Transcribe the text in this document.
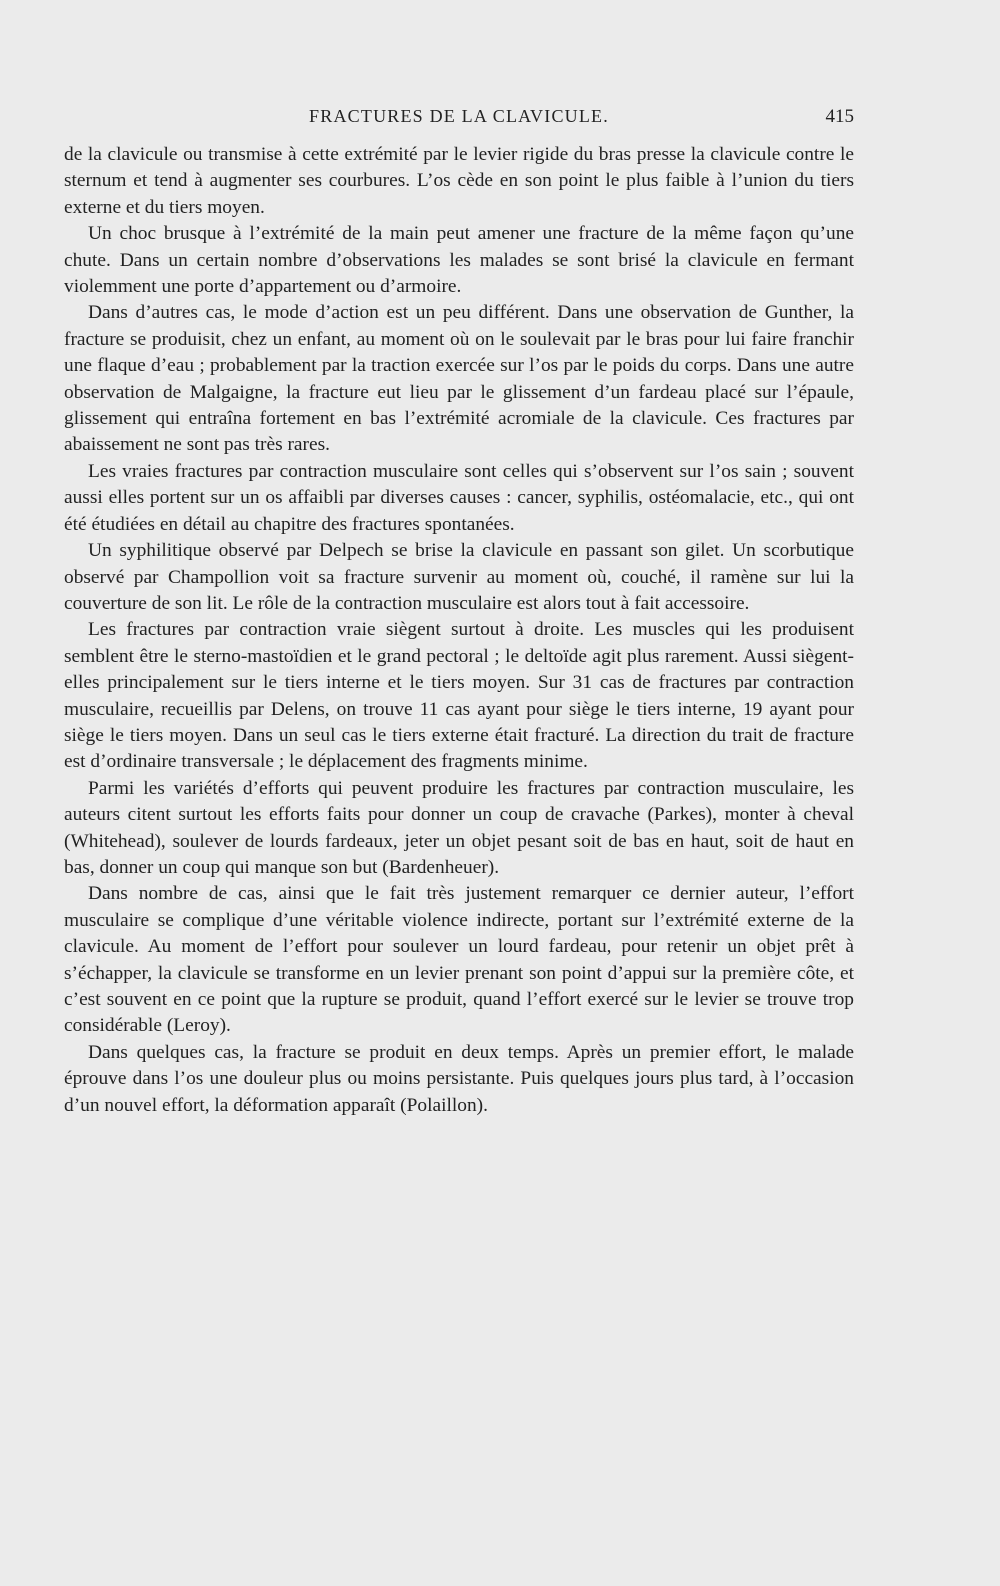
FRACTURES DE LA CLAVICULE.	415

de la clavicule ou transmise à cette extrémité par le levier rigide du bras presse la clavicule contre le sternum et tend à augmenter ses courbures. L’os cède en son point le plus faible à l’union du tiers externe et du tiers moyen.

Un choc brusque à l’extrémité de la main peut amener une fracture de la même façon qu’une chute. Dans un certain nombre d’observations les malades se sont brisé la clavicule en fermant violemment une porte d’appartement ou d’armoire.

Dans d’autres cas, le mode d’action est un peu différent. Dans une observation de Gunther, la fracture se produisit, chez un enfant, au moment où on le soulevait par le bras pour lui faire franchir une flaque d’eau ; probablement par la traction exercée sur l’os par le poids du corps. Dans une autre observation de Malgaigne, la fracture eut lieu par le glissement d’un fardeau placé sur l’épaule, glissement qui entraîna fortement en bas l’extrémité acromiale de la clavicule. Ces fractures par abaissement ne sont pas très rares.

Les vraies fractures par contraction musculaire sont celles qui s’observent sur l’os sain ; souvent aussi elles portent sur un os affaibli par diverses causes : cancer, syphilis, ostéomalacie, etc., qui ont été étudiées en détail au chapitre des fractures spontanées.

Un syphilitique observé par Delpech se brise la clavicule en passant son gilet. Un scorbutique observé par Champollion voit sa fracture survenir au moment où, couché, il ramène sur lui la couverture de son lit. Le rôle de la contraction musculaire est alors tout à fait accessoire.

Les fractures par contraction vraie siègent surtout à droite. Les muscles qui les produisent semblent être le sterno-mastoïdien et le grand pectoral ; le deltoïde agit plus rarement. Aussi siègent-elles principalement sur le tiers interne et le tiers moyen. Sur 31 cas de fractures par contraction musculaire, recueillis par Delens, on trouve 11 cas ayant pour siège le tiers interne, 19 ayant pour siège le tiers moyen. Dans un seul cas le tiers externe était fracturé. La direction du trait de fracture est d’ordinaire transversale ; le déplacement des fragments minime.

Parmi les variétés d’efforts qui peuvent produire les fractures par contraction musculaire, les auteurs citent surtout les efforts faits pour donner un coup de cravache (Parkes), monter à cheval (Whitehead), soulever de lourds fardeaux, jeter un objet pesant soit de bas en haut, soit de haut en bas, donner un coup qui manque son but (Bardenheuer).

Dans nombre de cas, ainsi que le fait très justement remarquer ce dernier auteur, l’effort musculaire se complique d’une véritable violence indirecte, portant sur l’extrémité externe de la clavicule. Au moment de l’effort pour soulever un lourd fardeau, pour retenir un objet prêt à s’échapper, la clavicule se transforme en un levier prenant son point d’appui sur la première côte, et c’est souvent en ce point que la rupture se produit, quand l’effort exercé sur le levier se trouve trop considérable (Leroy).

Dans quelques cas, la fracture se produit en deux temps. Après un premier effort, le malade éprouve dans l’os une douleur plus ou moins persistante. Puis quelques jours plus tard, à l’occasion d’un nouvel effort, la déformation apparaît (Polaillon).
